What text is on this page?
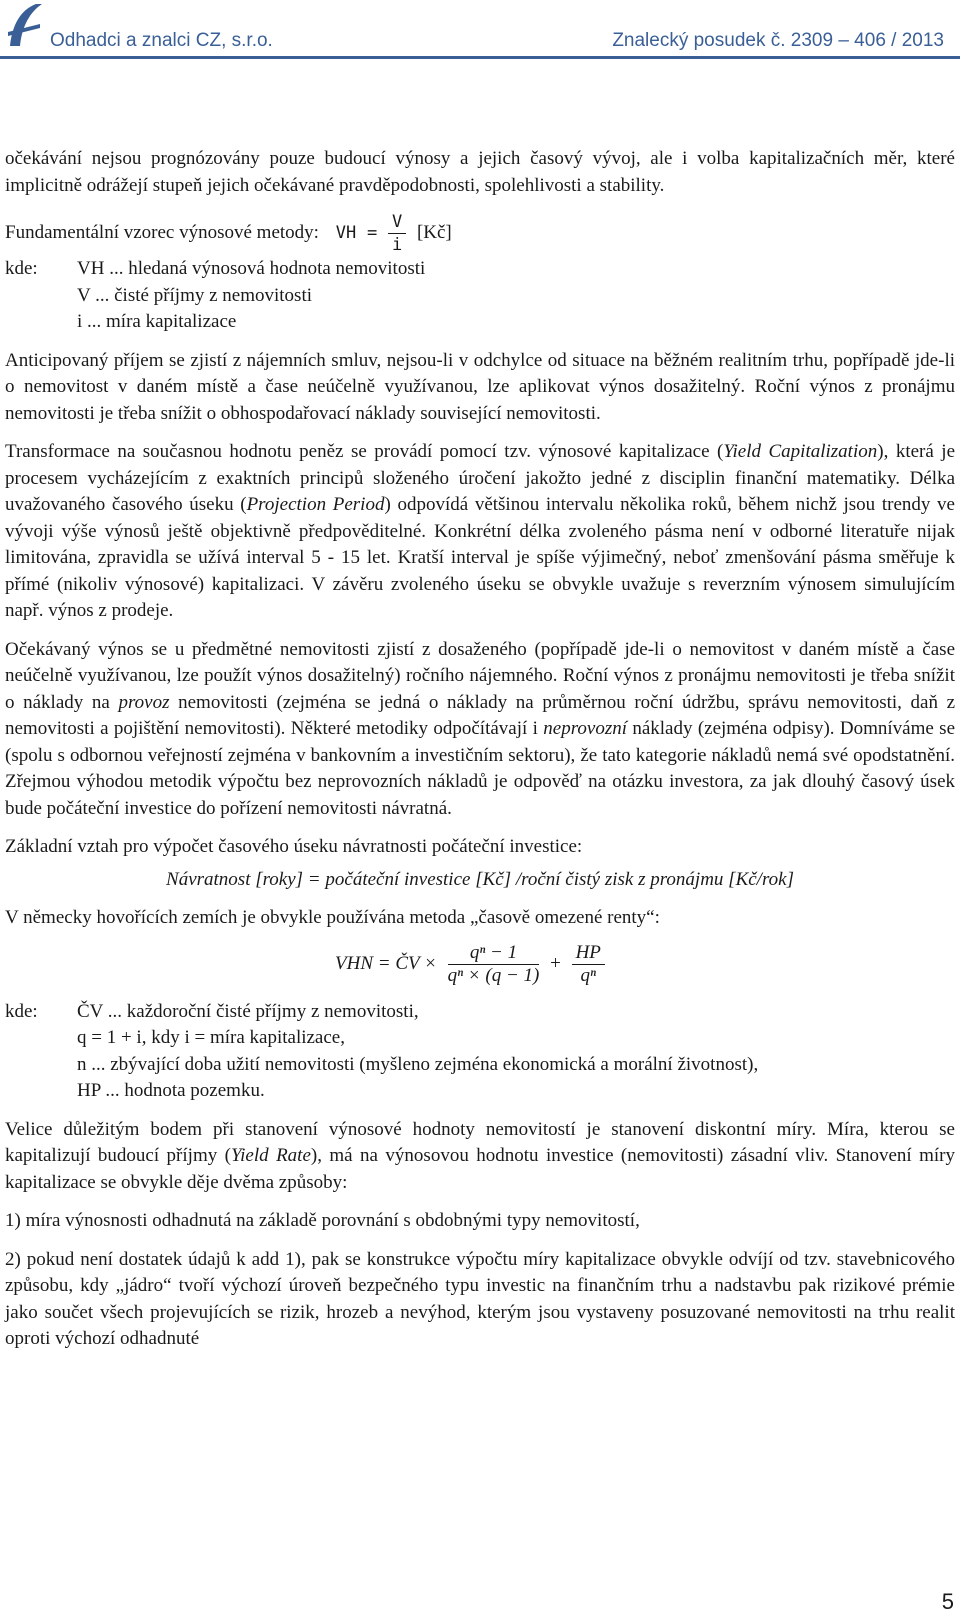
Odhadci a znalci CZ, s.r.o.	Znalecký posudek č. 2309 – 406 / 2013

očekávání nejsou prognózovány pouze budoucí výnosy a jejich časový vývoj, ale i volba kapitalizačních měr, které implicitně odrážejí stupeň jejich očekávané pravděpodobnosti, spolehlivosti a stability.

Fundamentální vzorec výnosové metody: VH = $\frac{V}{i}$ [Kč]

kde:	VH ... hledaná výnosová hodnota nemovitosti
	V ... čisté příjmy z nemovitosti
	i ... míra kapitalizace

Anticipovaný příjem se zjistí z nájemních smluv, nejsou-li v odchylce od situace na běžném realitním trhu, popřípadě jde-li o nemovitost v daném místě a čase neúčelně využívanou, lze aplikovat výnos dosažitelný. Roční výnos z pronájmu nemovitosti je třeba snížit o obhospodařovací náklady související nemovitosti.

Transformace na současnou hodnotu peněz se provádí pomocí tzv. výnosové kapitalizace (Yield Capitalization), která je procesem vycházejícím z exaktních principů složeného úročení jakožto jedné z disciplin finanční matematiky. Délka uvažovaného časového úseku (Projection Period) odpovídá většinou intervalu několika roků, během nichž jsou trendy ve vývoji výše výnosů ještě objektivně předpověditelné. Konkrétní délka zvoleného pásma není v odborné literatuře nijak limitována, zpravidla se užívá interval 5 - 15 let. Kratší interval je spíše výjimečný, neboť zmenšování pásma směřuje k přímé (nikoliv výnosové) kapitalizaci. V závěru zvoleného úseku se obvykle uvažuje s reverzním výnosem simulujícím např. výnos z prodeje.

Očekávaný výnos se u předmětné nemovitosti zjistí z dosaženého (popřípadě jde-li o nemovitost v daném místě a čase neúčelně využívanou, lze použít výnos dosažitelný) ročního nájemného. Roční výnos z pronájmu nemovitosti je třeba snížit o náklady na provoz nemovitosti (zejména se jedná o náklady na průměrnou roční údržbu, správu nemovitosti, daň z nemovitosti a pojištění nemovitosti). Některé metodiky odpočítávají i neprovozní náklady (zejména odpisy). Domníváme se (spolu s odbornou veřejností zejména v bankovním a investičním sektoru), že tato kategorie nákladů nemá své opodstatnění. Zřejmou výhodou metodik výpočtu bez neprovozních nákladů je odpověď na otázku investora, za jak dlouhý časový úsek bude počáteční investice do pořízení nemovitosti návratná.

Základní vztah pro výpočet časového úseku návratnosti počáteční investice:

Návratnost [roky] = počáteční investice [Kč] /roční čistý zisk z pronájmu [Kč/rok]

V německy hovořících zemích je obvykle používána metoda „časově omezené renty“:

VHN = ČV × $\frac{\text{qⁿ − 1}}{\text{qⁿ × (q − 1)}} + \frac{HP}{\text{qⁿ}}$
kde:	ČV ... každoroční čisté příjmy z nemovitosti,
	q = 1 + i, kdy i = míra kapitalizace,
	n ... zbývající doba užití nemovitosti (myšleno zejména ekonomická a morální životnost),
	HP ... hodnota pozemku.

Velice důležitým bodem při stanovení výnosové hodnoty nemovitostí je stanovení diskontní míry. Míra, kterou se kapitalizují budoucí příjmy (Yield Rate), má na výnosovou hodnotu investice (nemovitosti) zásadní vliv. Stanovení míry kapitalizace se obvykle děje dvěma způsoby:

1) míra výnosnosti odhadnutá na základě porovnání s obdobnými typy nemovitostí,

2) pokud není dostatek údajů k add 1), pak se konstrukce výpočtu míry kapitalizace obvykle odvíjí od tzv. stavebnicového způsobu, kdy „jádro“ tvoří výchozí úroveň bezpečného typu investic na finančním trhu a nadstavbu pak rizikové prémie jako součet všech projevujících se rizik, hrozeb a nevýhod, kterým jsou vystaveny posuzované nemovitosti na trhu realit oproti výchozí odhadnuté

5
